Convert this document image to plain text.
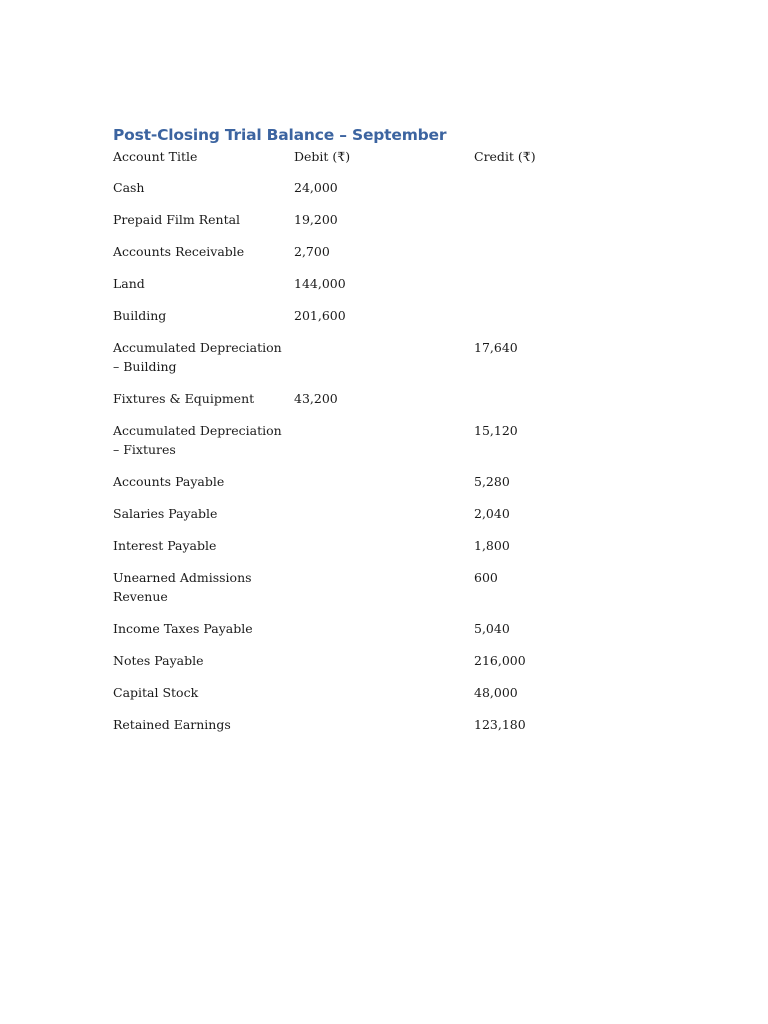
Post-Closing Trial Balance – September
Account Title	Debit (₹)	Credit (₹)
Cash	24,000	
Prepaid Film Rental	19,200	
Accounts Receivable	2,700	
Land	144,000	
Building	201,600	
Accumulated Depreciation – Building		17,640
Fixtures & Equipment	43,200	
Accumulated Depreciation – Fixtures		15,120
Accounts Payable		5,280
Salaries Payable		2,040
Interest Payable		1,800
Unearned Admissions Revenue		600
Income Taxes Payable		5,040
Notes Payable		216,000
Capital Stock		48,000
Retained Earnings		123,180
